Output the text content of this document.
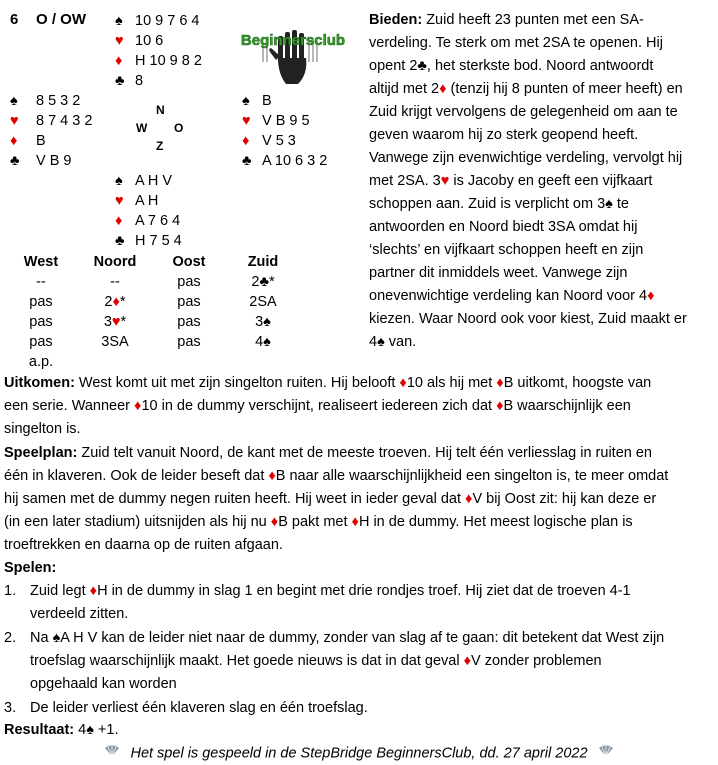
6 O / OW
Beginnersclub
♠ 10 9 7 6 4
♥ 10 6
♦ H 10 9 8 2
♣ 8
♠ 8 5 3 2
♥ 8 7 4 3 2
♦ B
♣ V B 9
N
W O
Z
♠ B
♥ V B 9 5
♦ V 5 3
♣ A 10 6 3 2
♠ A H V
♥ A H
♦ A 7 6 4
♣ H 7 5 4
West	Noord	Oost	Zuid
--	--	pas	2♣*
pas	2♦*	pas	2SA
pas	3♥*	pas	3♠
pas	3SA	pas	4♠
a.p.			
Bieden: Zuid heeft 23 punten met een SA-
verdeling. Te sterk om met 2SA te openen. Hij
opent 2♣, het sterkste bod. Noord antwoordt
altijd met 2♦ (tenzij hij 8 punten of meer heeft) en
Zuid krijgt vervolgens de gelegenheid om aan te
geven waarom hij zo sterk geopend heeft.
Vanwege zijn evenwichtige verdeling, vervolgt hij
met 2SA. 3♥ is Jacoby en geeft een vijfkaart
schoppen aan. Zuid is verplicht om 3♠ te
antwoorden en Noord biedt 3SA omdat hij
‘slechts’ en vijfkaart schoppen heeft en zijn
partner dit inmiddels weet. Vanwege zijn
onevenwichtige verdeling kan Noord voor 4♦
kiezen. Waar Noord ook voor kiest, Zuid maakt er
4♠ van.
Uitkomen: West komt uit met zijn singelton ruiten. Hij belooft ♦10 als hij met ♦B uitkomt, hoogste van
een serie. Wanneer ♦10 in de dummy verschijnt, realiseert iedereen zich dat ♦B waarschijnlijk een
singelton is.
Speelplan: Zuid telt vanuit Noord, de kant met de meeste troeven. Hij telt één verliesslag in ruiten en
één in klaveren. Ook de leider beseft dat ♦B naar alle waarschijnlijkheid een singelton is, te meer omdat
hij samen met de dummy negen ruiten heeft. Hij weet in ieder geval dat ♦V bij Oost zit: hij kan deze er
(in een later stadium) uitsnijden als hij nu ♦B pakt met ♦H in de dummy. Het meest logische plan is
troeftrekken en daarna op de ruiten afgaan.
Spelen:
1. Zuid legt ♦H in de dummy in slag 1 en begint met drie rondjes troef. Hij ziet dat de troeven 4-1
verdeeld zitten.
2. Na ♠A H V kan de leider niet naar de dummy, zonder van slag af te gaan: dit betekent dat West zijn
troefslag waarschijnlijk maakt. Het goede nieuws is dat in dat geval ♦V zonder problemen
opgehaald kan worden
3. De leider verliest één klaveren slag en één troefslag.
Resultaat: 4♠ +1.
Het spel is gespeeld in de StepBridge BeginnersClub, dd. 27 april 2022
